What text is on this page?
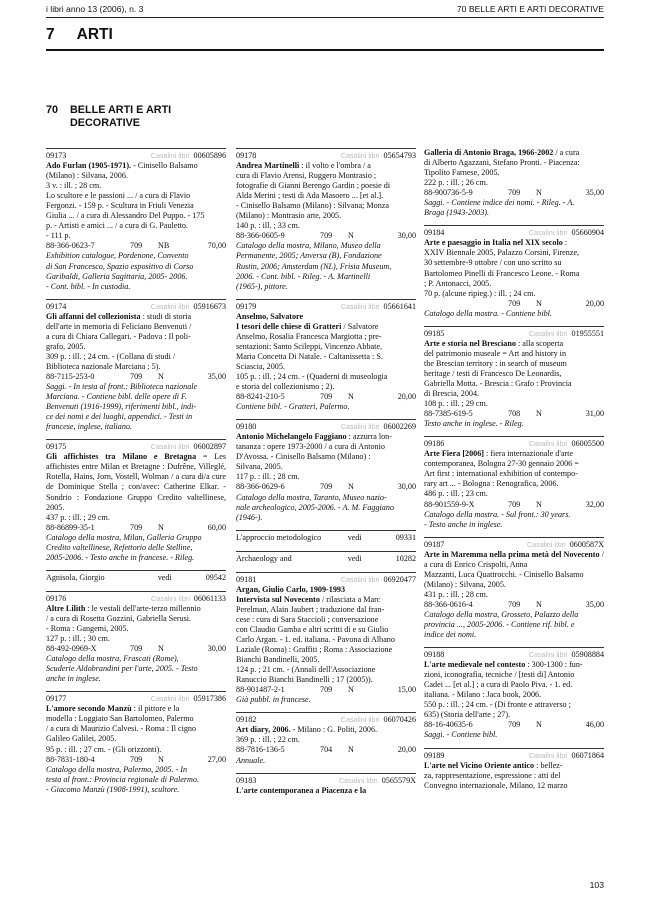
i libri anno 13 (2006), n. 3	70 BELLE ARTI E ARTI DECORATIVE
7 ARTI
70	BELLE ARTI E ARTI DECORATIVE
09173	Casalini libri 00605896
Ado Furlan (1905-1971). - Cinisello Balsamo
(Milano) : Silvana, 2006.
3 v. : ill. ; 28 cm.
Lo scultore e le passioni ... / a cura di Flavio
Fergonzi. - 159 p. - Scultura in Friuli Venezia
Giulia ... / a cura di Alessandro Del Puppo. - 175
p. - Artisti e amici ... / a cura di G. Pauletto.
- 111 p.
88-366-0623-7	709	NB	70,00
Exhibition catalogue, Pordenone, Convento
di San Francesco, Spazio espositivo di Corso
Garibaldi, Galleria Sagittaria, 2005- 2006.
- Cont. bibl. - In custodia.
09174	Casalini libri 05916673
Gli affanni del collezionista : studi di storia
dell'arte in memoria di Feliciano Benvenuti /
a cura di Chiara Callegari. - Padova : Il poli-
grafo, 2005.
309 p. : ill. ; 24 cm. - (Collana di studi /
Biblioteca nazionale Marciana ; 5).
88-7115-253-0	709	N	35,00
Saggi. - In testa al front.: Biblioteca nazionale
Marciana. - Contiene bibl. delle opere di F.
Benvenuti (1916-1999), riferimenti bibl., indi-
ce dei nomi e dei luoghi, appendici. - Testi in
francese, inglese, italiano.
09175	Casalini libri 06002897
Gli affichistes tra Milano e Bretagna = Les affichistes entre Milan et Bretagne : Dufrêne, Villeglé, Rotella, Hains, Jorn, Vostell, Wolman / a cura di/a cure de Dominique Stella ; con/avec: Catherine Elkar. - Sondrio : Fondazione Gruppo Credito valtellinese, 2005.
437 p. : ill. ; 29 cm.
88-86899-35-1	709	N	60,00
Catalogo della mostra, Milan, Galleria Gruppo
Credito valtellinese, Refettorio delle Stelline,
2005-2006. - Testo anche in francese. - Rileg.
Agnisola, Giorgio	vedi	09542
09176	Casalini libri 06061133
Altre Lilith : le vestali dell'arte-terzo millennio
/ a cura di Rosetta Gozzini, Gabriella Serusi.
- Roma : Gangemi, 2005.
127 p. : ill. ; 30 cm.
88-492-0969-X	709	N	30,00
Catalogo della mostra, Frascati (Rome),
Scuderie Aldobrandini per l'arte, 2005. - Testo
anche in inglese.
09177	Casalini libri 05917386
L'amore secondo Manzù : il pittore e la
modella : Loggiato San Bartolomeo, Palermo
/ a cura di Maurizio Calvesi. - Roma : Il cigno
Galileo Galilei, 2005.
95 p. : ill. ; 27 cm. - (Gli orizzonti).
88-7831-180-4	709	N	27,00
Catalogo della mostra, Palermo, 2005. - In
testa al front.: Provincia regionale di Palermo.
- Giacomo Manzù (1908-1991), scultore.
09178	Casalini libri 05654793
Andrea Martinelli : il volto e l'ombra / a
cura di Flavio Arensi, Ruggero Montrasio ;
fotografie di Gianni Berengo Gardin ; poesie di
Alda Merini ; testi di Ada Masoero ... [et al.].
- Cinisello Balsamo (Milano) : Silvana; Monza
(Milano) : Montrasio arte, 2005.
140 p. : ill. ; 33 cm.
88-366-0605-9	709	N	30,00
Catalogo della mostra, Milano, Museo della
Permanente, 2005; Anversa (B), Fondazione
Rustin, 2006; Amsterdam (NL), Frisia Museum,
2006. - Cont. bibl. - Rileg. - A. Martinelli
(1965-), pittore.
09179	Casalini libri 05661641
Anselmo, Salvatore
I tesori delle chiese di Gratteri / Salvatore
Anselmo, Rosalia Francesca Margiotta ; pre-
sentazioni: Santo Scileppi, Vincenzo Abbate,
Maria Concetta Di Natale. - Caltanissetta : S.
Sciascia, 2005.
105 p. : ill. ; 24 cm. - (Quaderni di museologia
e storia del collezionismo ; 2).
88-8241-210-5	709	N	20,00
Contiene bibl. - Gratteri, Palermo.
09180	Casalini libri 06002269
Antonio Michelangelo Faggiano : azzurra lon-
tananza : opere 1973-2000 / a cura di Antonio
D'Avossa. - Cinisello Balsamo (Milano) :
Silvana, 2005.
117 p. : ill. ; 28 cm.
88-366-0629-6	709	N	30,00
Catalogo della mostra, Taranto, Museo nazio-
nale archeologico, 2005-2006. - A. M. Faggiano
(1946-).
L'approccio metodologico	vedi	09331
Archaeology and	vedi	10282
09181	Casalini libri 06920477
Argan, Giulio Carlo, 1909-1993
Intervista sul Novecento / rilasciata a Marc
Perelman, Alain Jaubert ; traduzione dal fran-
cese : cura di Sara Staccioli ; conversazione
con Claudio Gamba e altri scritti di e su Giulio
Carlo Argan. - 1. ed. italiana. - Pavona di Albano
Laziale (Roma) : Graffiti ; Roma : Associazione
Bianchi Bandinelli, 2005.
124 p. ; 21 cm. - (Annali dell'Associazione
Ranuccio Bianchi Bandinelli ; 17 (2005)).
88-901487-2-1	709	N	15,00
Già pubbl. in francese.
09182	Casalini libri 06070426
Art diary, 2006. - Milano : G. Politi, 2006.
369 p. : ill. ; 22 cm.
88-7816-136-5	704	N	20,00
Annuale.
09183	Casalini libri 0565579X
L'arte contemporanea a Piacenza e la
Galleria di Antonio Braga, 1966-2002 / a cura
di Alberto Agazzani, Stefano Pronti. - Piacenza:
Tipolito Farnese, 2005.
222 p. : ill. ; 26 cm.
88-900736-5-9	709	N	35,00
Saggi. - Contiene indice dei nomi. - Rileg. - A.
Braga (1943-2003).
09184	Casalini libri 05660904
Arte e paesaggio in Italia nel XIX secolo :
XXIV Biennale 2005, Palazzo Corsini, Firenze,
30 settembre-9 ottobre / con uno scritto su
Bartolomeo Pinelli di Francesco Leone. - Roma
; P. Antonacci, 2005.
70 p. (alcune ripieg.) : ill. ; 24 cm.
709	N	20,00
Catalogo della mostra. - Contiene bibl.
09185	Casalini libri 01955551
Arte e storia nel Bresciano : alla scoperta
del patrimonio museale = Art and history in
the Brescian territory : in search of museum
heritage / testi di Francesco De Leonardis,
Gabriella Motta. - Brescia : Grafo : Provincia
di Brescia, 2004.
108 p. : ill. ; 29 cm.
88-7385-619-5	708	N	31,00
Testo anche in inglese. - Rileg.
09186	Casalini libri 06005500
Arte Fiera [2006] : fiera internazionale d'arte
contemporanea, Bologna 27-30 gennaio 2006 =
Art first : international exhibition of contempo-
rary art ... - Bologna : Renografica, 2006.
486 p. : ill. ; 23 cm.
88-901559-9-X	709	N	32,00
Catalogo della mostra. - Sul front.: 30 years.
- Testo anche in inglese.
09187	Casalini libri 0600587X
Arte in Maremma nella prima metà del Novecento / a cura di Enrico Crispolti, Anna
Mazzanti, Luca Quattrocchi. - Cinisello Balsamo
(Milano) : Silvana, 2005.
431 p. : ill. ; 28 cm.
88-366-0616-4	709	N	35,00
Catalogo della mostra, Grosseto, Palazzo della
provincia ..., 2005-2006. - Contiene rif. bibl. e
indice dei nomi.
09188	Casalini libri 05908884
L'arte medievale nel contesto : 300-1300 : fun-
zioni, iconografia, tecniche / [testi di] Antonio
Cadei ... [et al.] ; a cura di Paolo Piva. - 1. ed.
italiana. - Milano : Jaca book, 2006.
550 p. : ill. ; 24 cm. - (Di fronte e attraverso ;
635) (Storia dell'arte ; 27).
88-16-40635-6	709	N	46,00
Saggi. - Contiene bibl.
09189	Casalini libri 06071864
L'arte nel Vicino Oriente antico : bellez-
za, rappresentazione, espressione : atti del
Convegno internazionale, Milano, 12 marzo
103
